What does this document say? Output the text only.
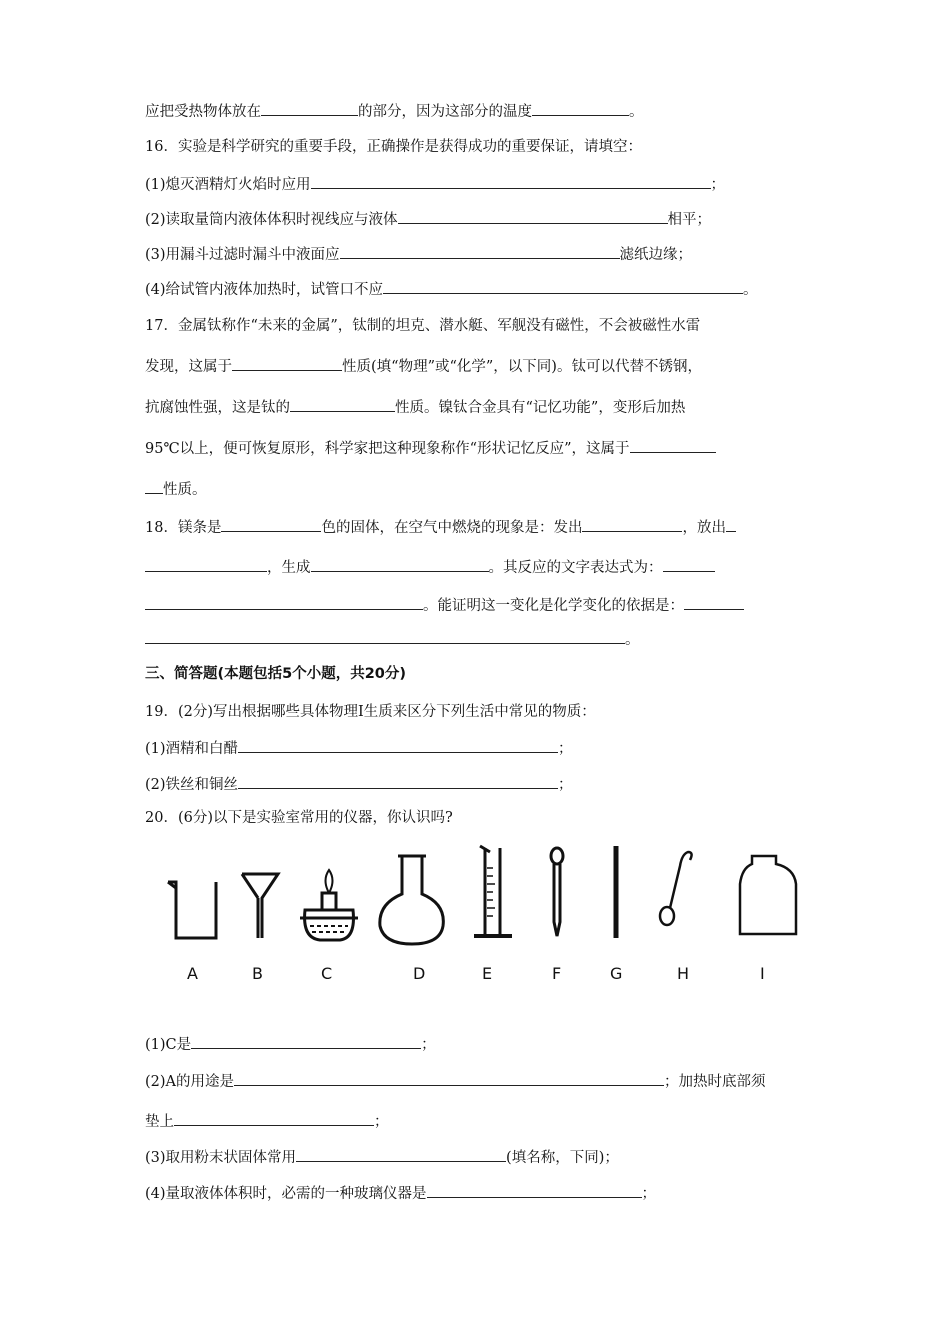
应把受热物体放在	的部分，因为这部分的温度	。
16．实验是科学研究的重要手段，正确操作是获得成功的重要保证，请填空：
(1)熄灭酒精灯火焰时应用	；
(2)读取量筒内液体体积时视线应与液体	相平；
(3)用漏斗过滤时漏斗中液面应	滤纸边缘；
(4)给试管内液体加热时，试管口不应	。
17．金属钛称作“未来的金属”，钛制的坦克、潜水艇、军舰没有磁性，不会被磁性水雷
发现，这属于	性质(填“物理”或“化学”，以下同)。钛可以代替不锈钢，
抗腐蚀性强，这是钛的	性质。镍钛合金具有“记忆功能”，变形后加热
95℃以上，便可恢复原形，科学家把这种现象称作“形状记忆反应”，这属于
性质。
18．镁条是	色的固体，在空气中燃烧的现象是：发出	，放出
，生成	。其反应的文字表达式为：
。能证明这一变化是化学变化的依据是：
。
三、简答题(本题包括5个小题，共20分)
19．(2分)写出根据哪些具体物理Ⅰ生质来区分下列生活中常见的物质：
(1)酒精和白醋	；
(2)铁丝和铜丝	；
20．(6分)以下是实验室常用的仪器，你认识吗?
A	B	C	D	E	F	G	H	I
(1)C是	；
(2)A的用途是	；加热时底部须
垫上	；
(3)取用粉末状固体常用	(填名称，下同)；
(4)量取液体体积时，必需的一种玻璃仪器是	；
